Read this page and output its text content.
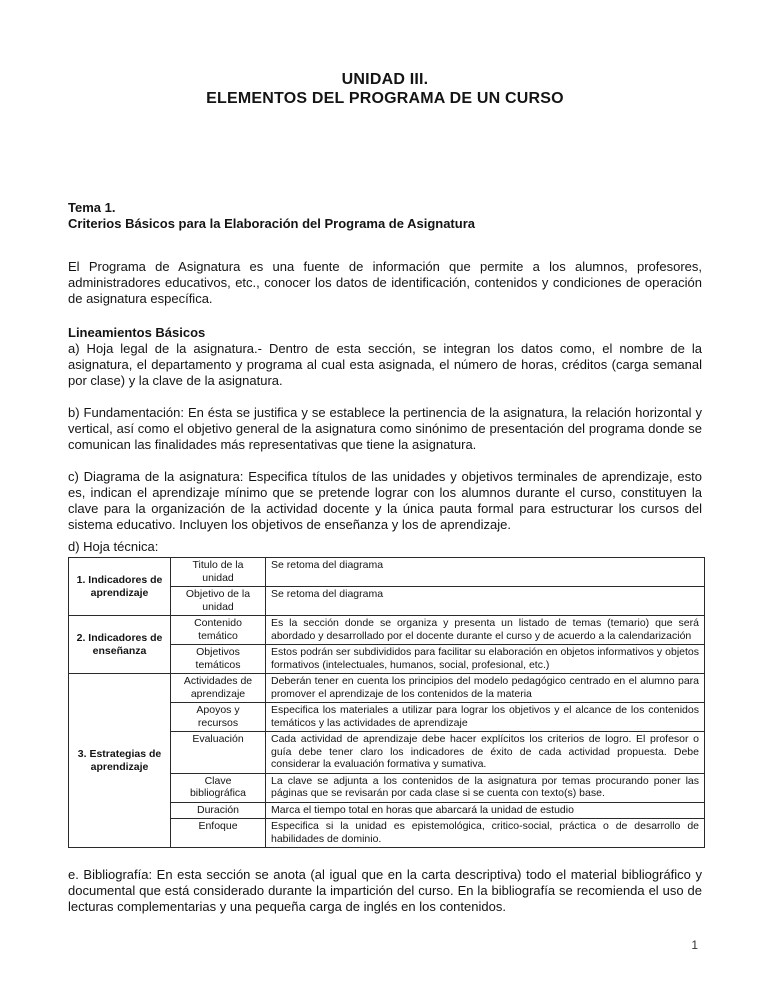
UNIDAD III.
ELEMENTOS DEL PROGRAMA DE UN CURSO
Tema 1.
Criterios Básicos para la Elaboración del Programa de Asignatura

El Programa de Asignatura es una fuente de información que permite a los alumnos, profesores, administradores educativos, etc., conocer los datos de identificación, contenidos y condiciones de operación de asignatura específica.

Lineamientos Básicos

a) Hoja legal de la asignatura.- Dentro de esta sección, se integran los datos como, el nombre de la asignatura, el departamento y programa al cual esta asignada, el número de horas, créditos (carga semanal por clase) y la clave de la asignatura.

b) Fundamentación: En ésta se justifica y se establece la pertinencia de la asignatura, la relación horizontal y vertical, así como el objetivo general de la asignatura como sinónimo de presentación del programa donde se comunican las finalidades más representativas que tiene la asignatura.

c) Diagrama de la asignatura: Especifica títulos de las unidades y objetivos terminales de aprendizaje, esto es, indican el aprendizaje mínimo que se pretende lograr con los alumnos durante el curso, constituyen la clave para la organización de la actividad docente y la única pauta formal para estructurar los cursos del sistema educativo. Incluyen los objetivos de enseñanza y los de aprendizaje.

d) Hoja técnica:

1. Indicadores de aprendizaje	Titulo de la unidad	Se retoma del diagrama
	Objetivo de la unidad	Se retoma del diagrama
2. Indicadores de enseñanza	Contenido temático	Es la sección donde se organiza y presenta un listado de temas (temario) que será abordado y desarrollado por el docente durante el curso y de acuerdo a la calendarización
	Objetivos temáticos	Estos podrán ser subdivididos para facilitar su elaboración en objetos informativos y objetos formativos (intelectuales, humanos, social, profesional, etc.)
3. Estrategias de aprendizaje	Actividades de aprendizaje	Deberán tener en cuenta los principios del modelo pedagógico centrado en el alumno para promover el aprendizaje de los contenidos de la materia
	Apoyos y recursos	Especifica los materiales a utilizar para lograr los objetivos y el alcance de los contenidos temáticos y las actividades de aprendizaje
	Evaluación	Cada actividad de aprendizaje debe hacer explícitos los criterios de logro. El profesor o guía debe tener claro los indicadores de éxito de cada actividad propuesta. Debe considerar la evaluación formativa y sumativa.
	Clave bibliográfica	La clave se adjunta a los contenidos de la asignatura por temas procurando poner las páginas que se revisarán por cada clase si se cuenta con texto(s) base.
	Duración	Marca el tiempo total en horas que abarcará la unidad de estudio
	Enfoque	Especifica si la unidad es epistemológica, critico-social, práctica o de desarrollo de habilidades de dominio.

e. Bibliografía: En esta sección se anota (al igual que en la carta descriptiva) todo el material bibliográfico y documental que está considerado durante la impartición del curso. En la bibliografía se recomienda el uso de lecturas complementarias y una pequeña carga de inglés en los contenidos.

1
